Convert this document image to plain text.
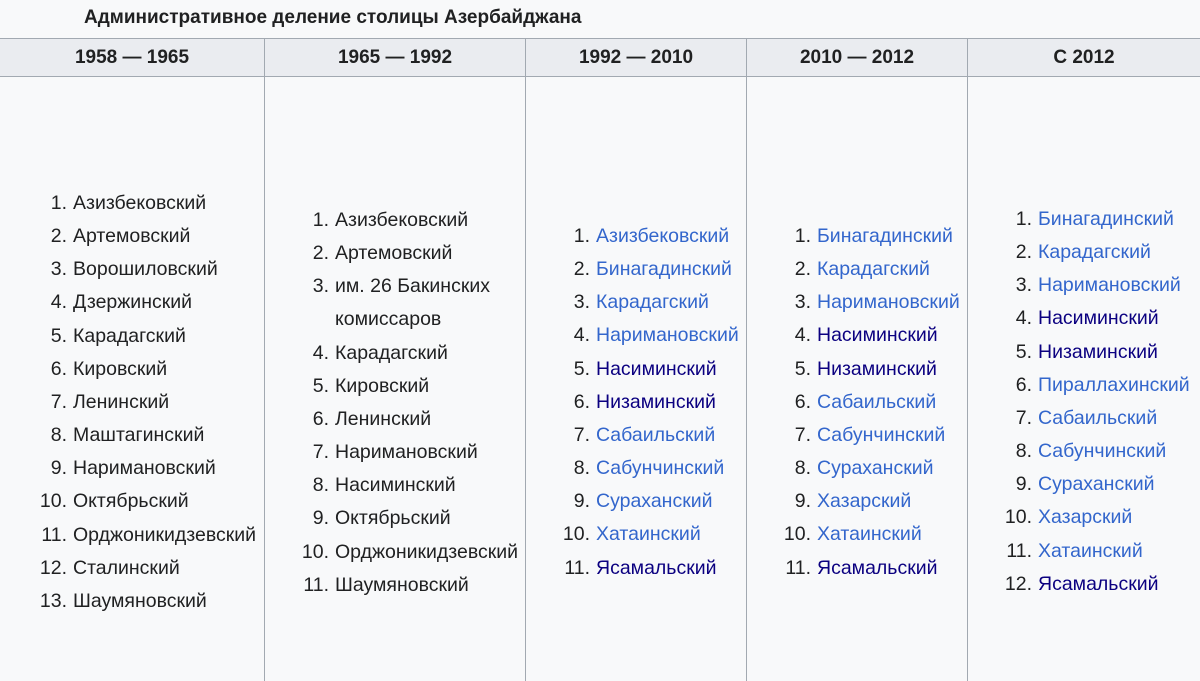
Административное деление столицы Азербайджана
1958 — 1965
1. Азизбековский
2. Артемовский
3. Ворошиловский
4. Дзержинский
5. Карадагский
6. Кировский
7. Ленинский
8. Маштагинский
9. Наримановский
10. Октябрьский
11. Орджоникидзевский
12. Сталинский
13. Шаумяновский
1965 — 1992
1. Азизбековский
2. Артемовский
3. им. 26 Бакинских комиссаров
4. Карадагский
5. Кировский
6. Ленинский
7. Наримановский
8. Насиминский
9. Октябрьский
10. Орджоникидзевский
11. Шаумяновский
1992 — 2010
1. Азизбековский
2. Бинагадинский
3. Карадагский
4. Наримановский
5. Насиминский
6. Низаминский
7. Сабаильский
8. Сабунчинский
9. Сураханский
10. Хатаинский
11. Ясамальский
2010 — 2012
1. Бинагадинский
2. Карадагский
3. Наримановский
4. Насиминский
5. Низаминский
6. Сабаильский
7. Сабунчинский
8. Сураханский
9. Хазарский
10. Хатаинский
11. Ясамальский
С 2012
1. Бинагадинский
2. Карадагский
3. Наримановский
4. Насиминский
5. Низаминский
6. Пираллахинский
7. Сабаильский
8. Сабунчинский
9. Сураханский
10. Хазарский
11. Хатаинский
12. Ясамальский
